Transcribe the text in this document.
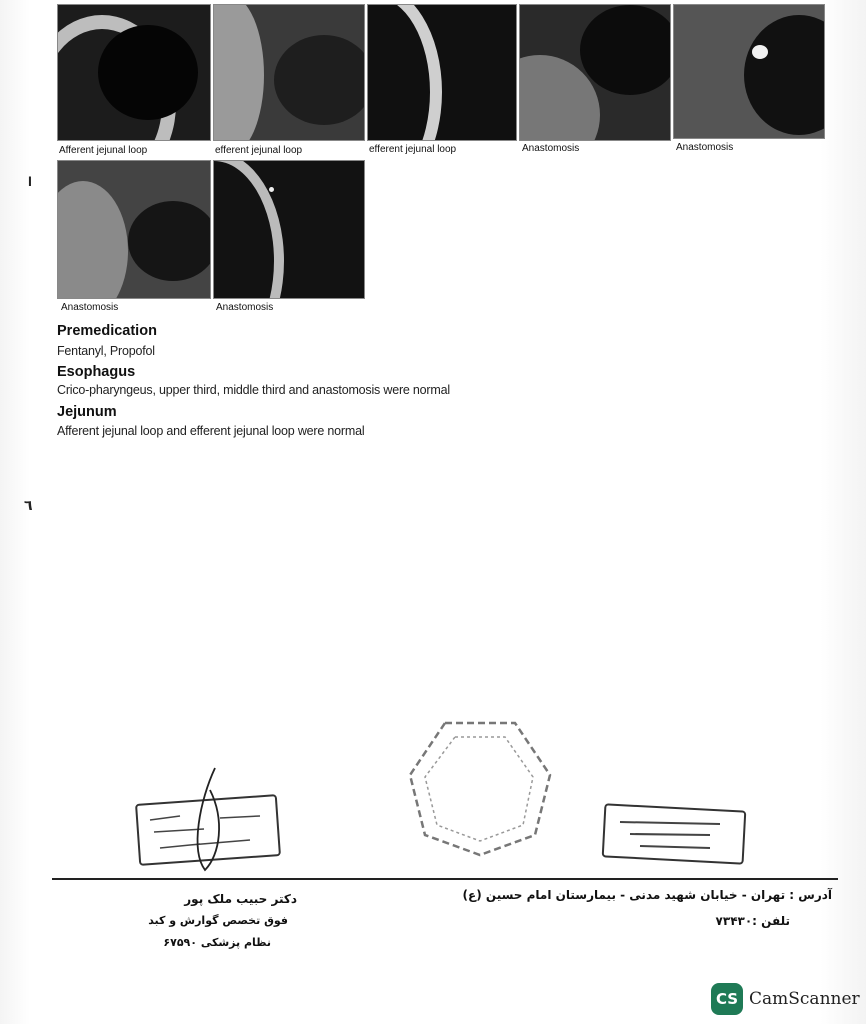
Afferent jejunal loop	efferent jejunal loop	efferent jejunal loop	Anastomosis	Anastomosis
Anastomosis	Anastomosis
I
٦
Premedication
Fentanyl, Propofol
Esophagus
Crico-pharyngeus, upper third, middle third and anastomosis were normal
Jejunum
Afferent jejunal loop and efferent jejunal loop were normal
دکتر حبیب ملک پور
فوق تخصص گوارش و کبد
نظام پزشکی ۶۷۵۹۰
آدرس : تهران - خیابان شهید مدنی - بیمارستان امام حسین (ع)
تلفن :۷۳۴۳۰
CS CamScanner
